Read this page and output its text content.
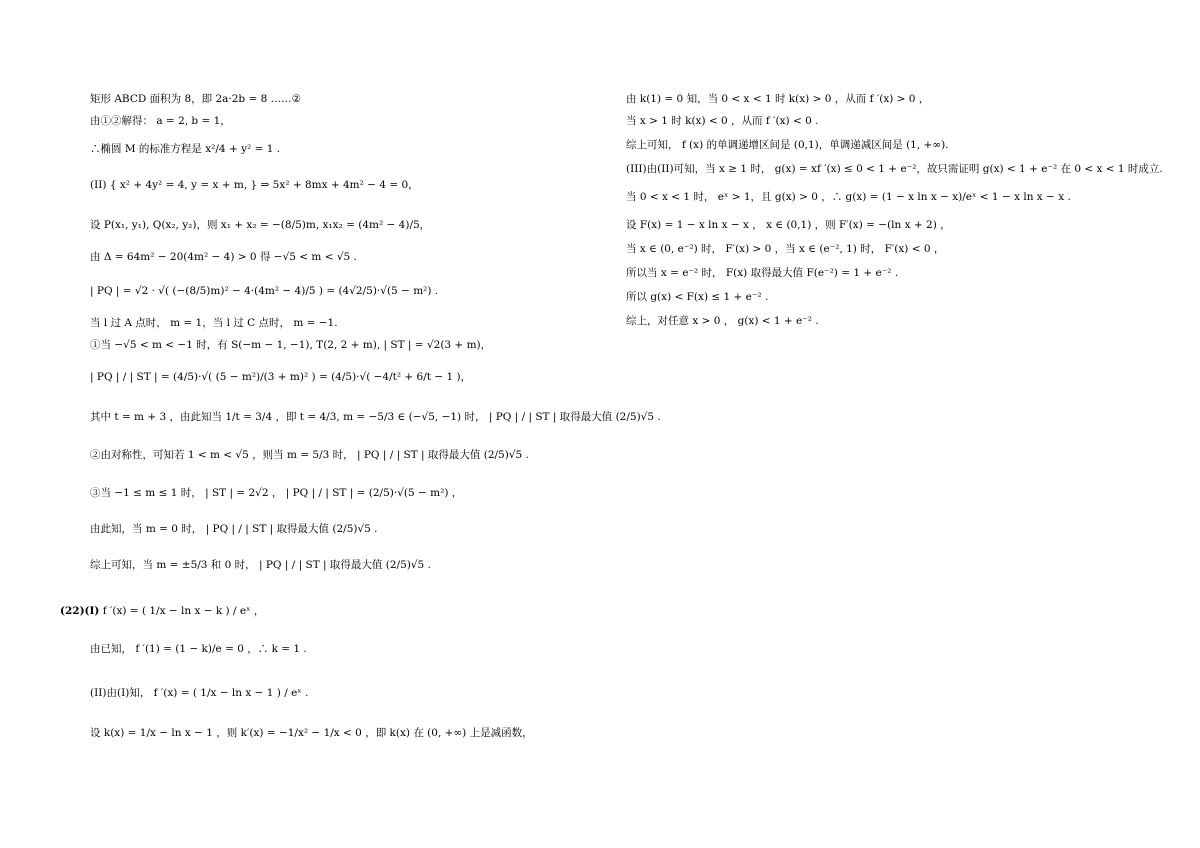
矩形 ABCD 面积为 8，即 2a·2b = 8 ……②
由①②解得： a = 2, b = 1，
∴椭圆 M 的标准方程是 x²/4 + y² = 1 .
(II) { x² + 4y² = 4, y = x + m, } ⇒ 5x² + 8mx + 4m² − 4 = 0，
设 P(x₁, y₁), Q(x₂, y₂)，则 x₁ + x₂ = −(8/5)m, x₁x₂ = (4m² − 4)/5，
由 Δ = 64m² − 20(4m² − 4) > 0 得 −√5 < m < √5 .
| PQ | = √2 · √( (−(8/5)m)² − 4·(4m² − 4)/5 ) = (4√2/5)·√(5 − m²) .
当 l 过 A 点时， m = 1，当 l 过 C 点时， m = −1.
①当 −√5 < m < −1 时，有 S(−m − 1, −1), T(2, 2 + m), | ST | = √2(3 + m)，
| PQ | / | ST | = (4/5)·√( (5 − m²)/(3 + m)² ) = (4/5)·√( −4/t² + 6/t − 1 )，
其中 t = m + 3 ，由此知当 1/t = 3/4 ，即 t = 4/3, m = −5/3 ∈ (−√5, −1) 时， | PQ | / | ST | 取得最大值 (2/5)√5 .
②由对称性，可知若 1 < m < √5 ，则当 m = 5/3 时， | PQ | / | ST | 取得最大值 (2/5)√5 .
③当 −1 ≤ m ≤ 1 时， | ST | = 2√2 ， | PQ | / | ST | = (2/5)·√(5 − m²) ，
由此知，当 m = 0 时， | PQ | / | ST | 取得最大值 (2/5)√5 .
综上可知，当 m = ±5/3 和 0 时， | PQ | / | ST | 取得最大值 (2/5)√5 .
(22)(I) f ′(x) = ( 1/x − ln x − k ) / eˣ ，
由已知， f ′(1) = (1 − k)/e = 0 ，∴ k = 1 .
(II)由(I)知， f ′(x) = ( 1/x − ln x − 1 ) / eˣ .
设 k(x) = 1/x − ln x − 1 ，则 k′(x) = −1/x² − 1/x < 0 ，即 k(x) 在 (0, +∞) 上是减函数，
由 k(1) = 0 知，当 0 < x < 1 时 k(x) > 0 ，从而 f ′(x) > 0 ，
当 x > 1 时 k(x) < 0 ，从而 f ′(x) < 0 .
综上可知， f (x) 的单调递增区间是 (0,1)，单调递减区间是 (1, +∞).
(III)由(II)可知，当 x ≥ 1 时， g(x) = xf ′(x) ≤ 0 < 1 + e⁻²，故只需证明 g(x) < 1 + e⁻² 在 0 < x < 1 时成立.
当 0 < x < 1 时， eˣ > 1，且 g(x) > 0 ，∴ g(x) = (1 − x ln x − x)/eˣ < 1 − x ln x − x .
设 F(x) = 1 − x ln x − x ， x ∈ (0,1) ，则 F′(x) = −(ln x + 2) ，
当 x ∈ (0, e⁻²) 时， F′(x) > 0 ，当 x ∈ (e⁻², 1) 时， F′(x) < 0 ，
所以当 x = e⁻² 时， F(x) 取得最大值 F(e⁻²) = 1 + e⁻² .
所以 g(x) < F(x) ≤ 1 + e⁻² .
综上，对任意 x > 0 ， g(x) < 1 + e⁻² .
